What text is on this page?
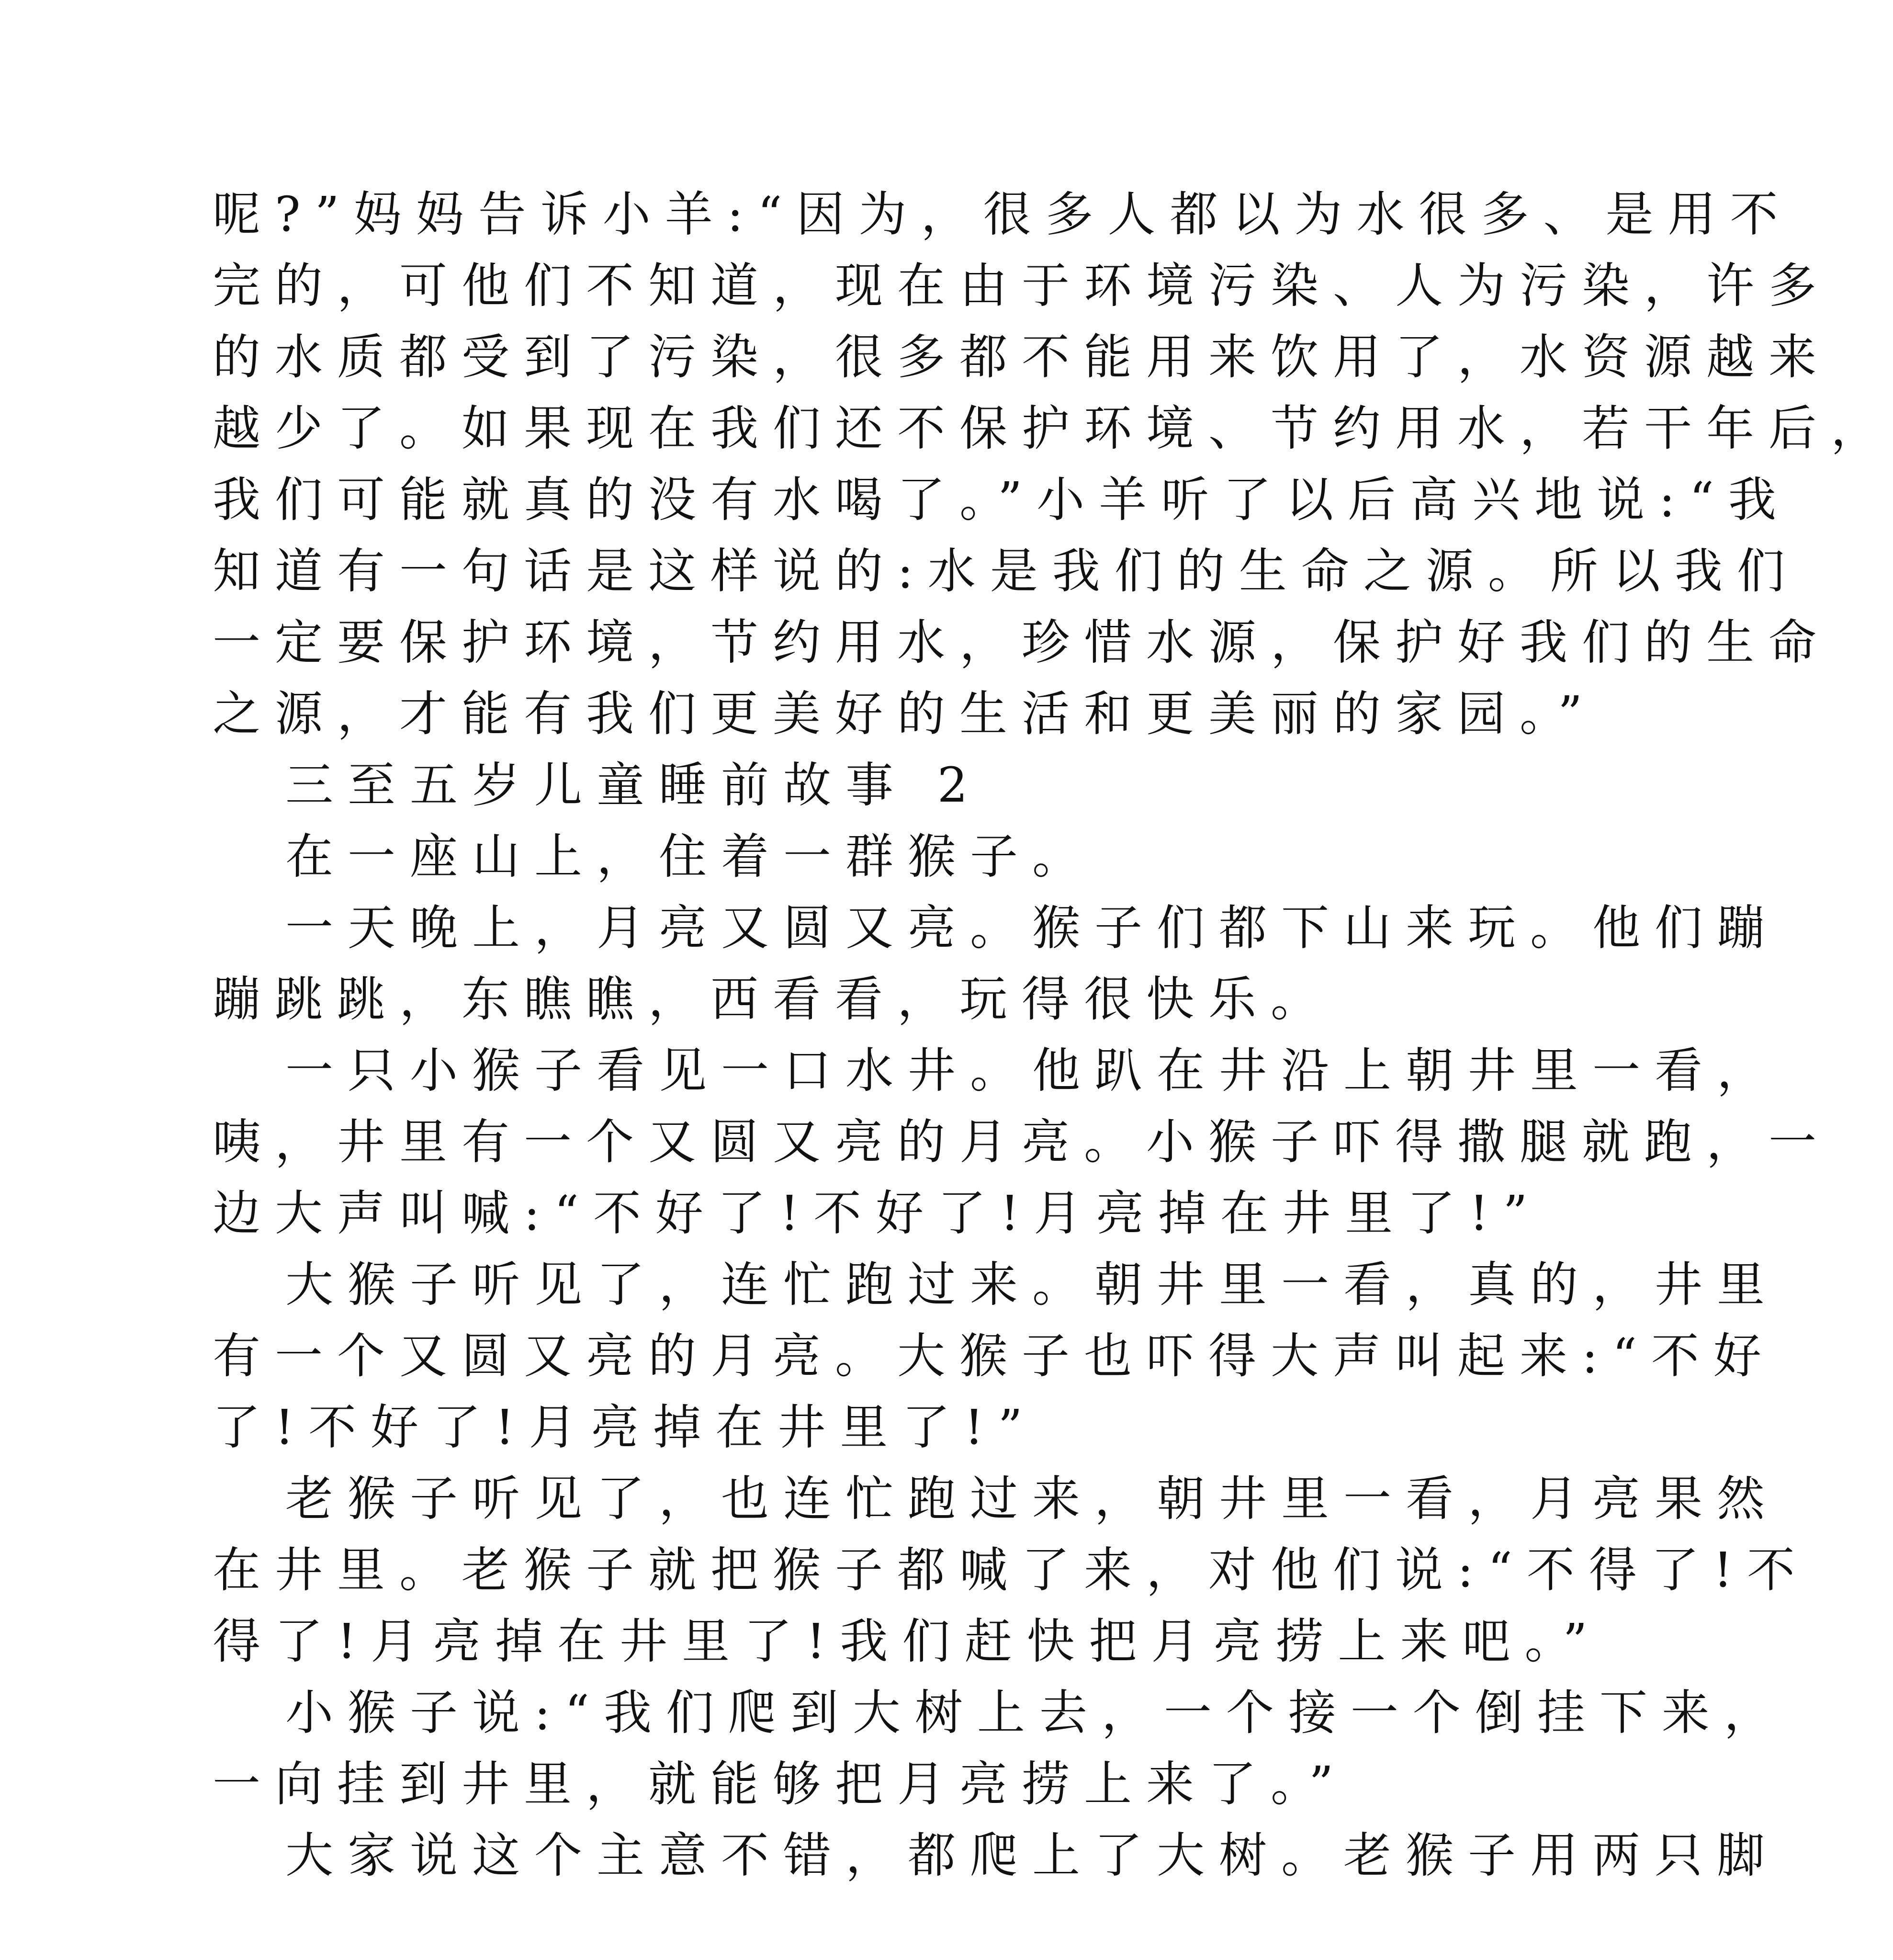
呢?”妈妈告诉小羊:“因为，很多人都以为水很多、是用不

完的，可他们不知道，现在由于环境污染、人为污染，许多

的水质都受到了污染，很多都不能用来饮用了，水资源越来

越少了。如果现在我们还不保护环境、节约用水，若干年后，

我们可能就真的没有水喝了。”小羊听了以后高兴地说:“我

知道有一句话是这样说的:水是我们的生命之源。所以我们

一定要保护环境，节约用水，珍惜水源，保护好我们的生命

之源，才能有我们更美好的生活和更美丽的家园。”

三至五岁儿童睡前故事 2

在一座山上，住着一群猴子。

一天晚上，月亮又圆又亮。猴子们都下山来玩。他们蹦

蹦跳跳，东瞧瞧，西看看，玩得很快乐。

一只小猴子看见一口水井。他趴在井沿上朝井里一看，

咦，井里有一个又圆又亮的月亮。小猴子吓得撒腿就跑，一

边大声叫喊:“不好了!不好了!月亮掉在井里了!”

大猴子听见了，连忙跑过来。朝井里一看，真的，井里

有一个又圆又亮的月亮。大猴子也吓得大声叫起来:“不好

了!不好了!月亮掉在井里了!”

老猴子听见了，也连忙跑过来，朝井里一看，月亮果然

在井里。老猴子就把猴子都喊了来，对他们说:“不得了!不

得了!月亮掉在井里了!我们赶快把月亮捞上来吧。”

小猴子说:“我们爬到大树上去，一个接一个倒挂下来，

一向挂到井里，就能够把月亮捞上来了。”

大家说这个主意不错，都爬上了大树。老猴子用两只脚
